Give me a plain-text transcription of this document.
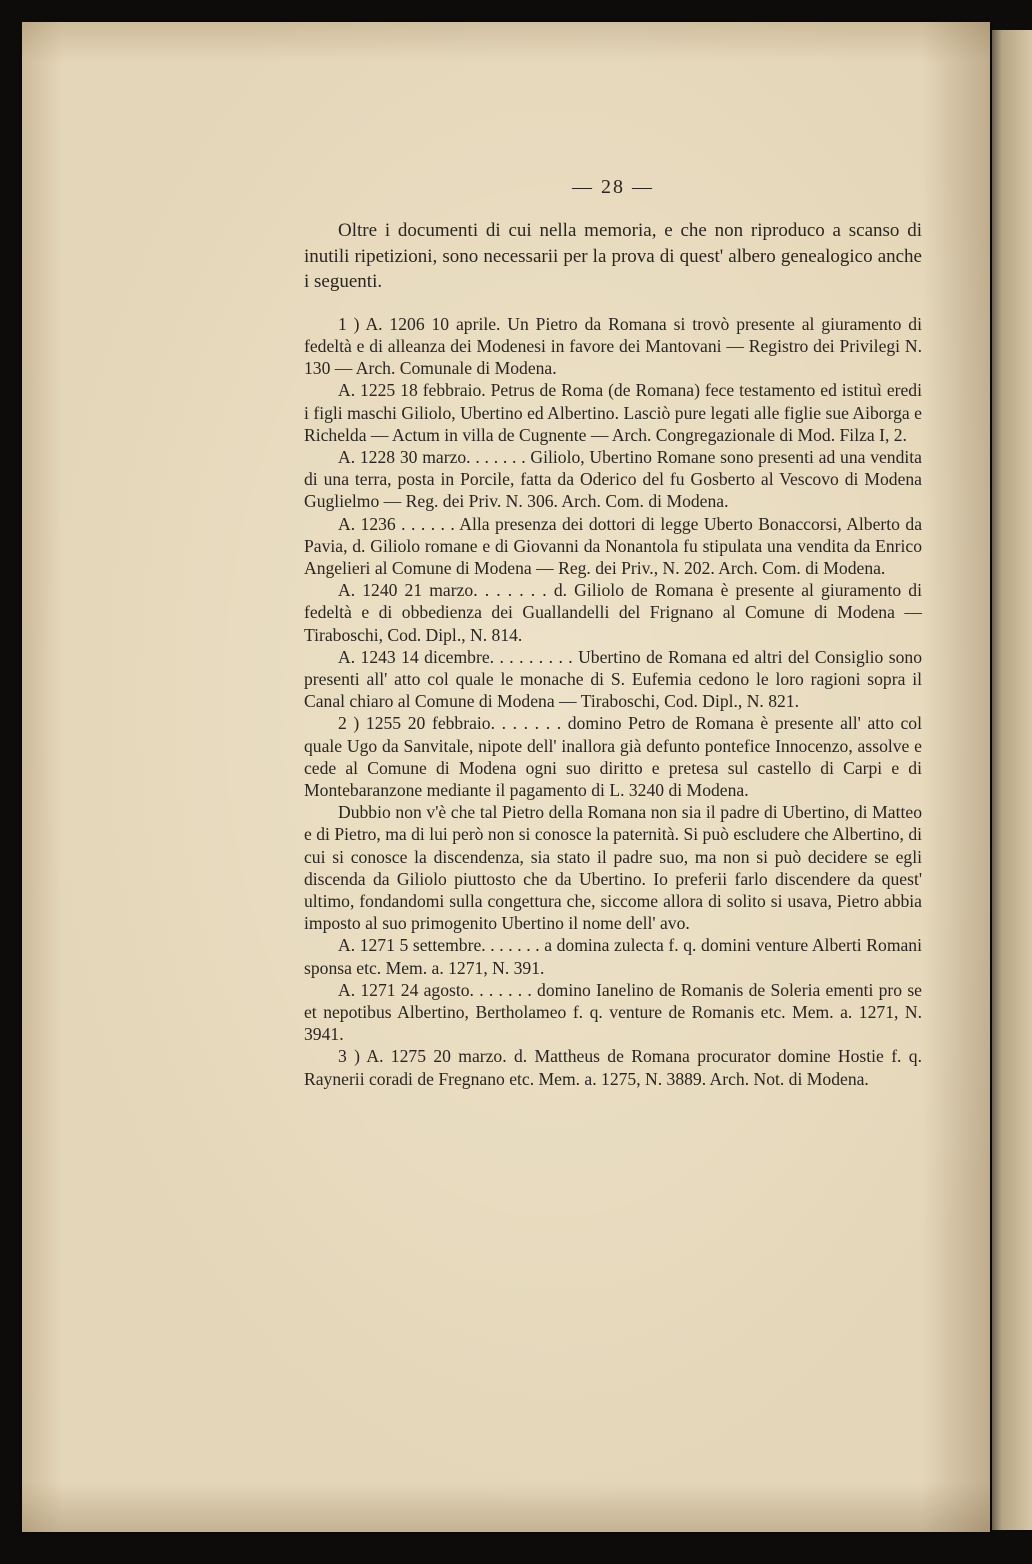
— 28 —

Oltre i documenti di cui nella memoria, e che non riproduco a scanso di inutili ripetizioni, sono necessarii per la prova di quest' albero genealogico anche i seguenti.

1 ) A. 1206 10 aprile. Un Pietro da Romana si trovò presente al giuramento di fedeltà e di alleanza dei Modenesi in favore dei Mantovani — Registro dei Privilegi N. 130 — Arch. Comunale di Modena.

A. 1225 18 febbraio. Petrus de Roma (de Romana) fece testamento ed istituì eredi i figli maschi Giliolo, Ubertino ed Albertino. Lasciò pure legati alle figlie sue Aiborga e Richelda — Actum in villa de Cugnente — Arch. Congregazionale di Mod. Filza I, 2.

A. 1228 30 marzo. . . . . . . Giliolo, Ubertino Romane sono presenti ad una vendita di una terra, posta in Porcile, fatta da Oderico del fu Gosberto al Vescovo di Modena Guglielmo — Reg. dei Priv. N. 306. Arch. Com. di Modena.

A. 1236 . . . . . . Alla presenza dei dottori di legge Uberto Bonaccorsi, Alberto da Pavia, d. Giliolo romane e di Giovanni da Nonantola fu stipulata una vendita da Enrico Angelieri al Comune di Modena — Reg. dei Priv., N. 202. Arch. Com. di Modena.

A. 1240 21 marzo. . . . . . . d. Giliolo de Romana è presente al giuramento di fedeltà e di obbedienza dei Guallandelli del Frignano al Comune di Modena — Tiraboschi, Cod. Dipl., N. 814.

A. 1243 14 dicembre. . . . . . . . . Ubertino de Romana ed altri del Consiglio sono presenti all' atto col quale le monache di S. Eufemia cedono le loro ragioni sopra il Canal chiaro al Comune di Modena — Tiraboschi, Cod. Dipl., N. 821.

2 ) 1255 20 febbraio. . . . . . . domino Petro de Romana è presente all' atto col quale Ugo da Sanvitale, nipote dell' inallora già defunto pontefice Innocenzo, assolve e cede al Comune di Modena ogni suo diritto e pretesa sul castello di Carpi e di Montebaranzone mediante il pagamento di L. 3240 di Modena.

Dubbio non v'è che tal Pietro della Romana non sia il padre di Ubertino, di Matteo e di Pietro, ma di lui però non si conosce la paternità. Si può escludere che Albertino, di cui si conosce la discendenza, sia stato il padre suo, ma non si può decidere se egli discenda da Giliolo piuttosto che da Ubertino. Io preferii farlo discendere da quest' ultimo, fondandomi sulla congettura che, siccome allora di solito si usava, Pietro abbia imposto al suo primogenito Ubertino il nome dell' avo.

A. 1271 5 settembre. . . . . . . a domina zulecta f. q. domini venture Alberti Romani sponsa etc. Mem. a. 1271, N. 391.

A. 1271 24 agosto. . . . . . . domino Ianelino de Romanis de Soleria ementi pro se et nepotibus Albertino, Bertholameo f. q. venture de Romanis etc. Mem. a. 1271, N. 3941.

3 ) A. 1275 20 marzo. d. Mattheus de Romana procurator domine Hostie f. q. Raynerii coradi de Fregnano etc. Mem. a. 1275, N. 3889. Arch. Not. di Modena.
